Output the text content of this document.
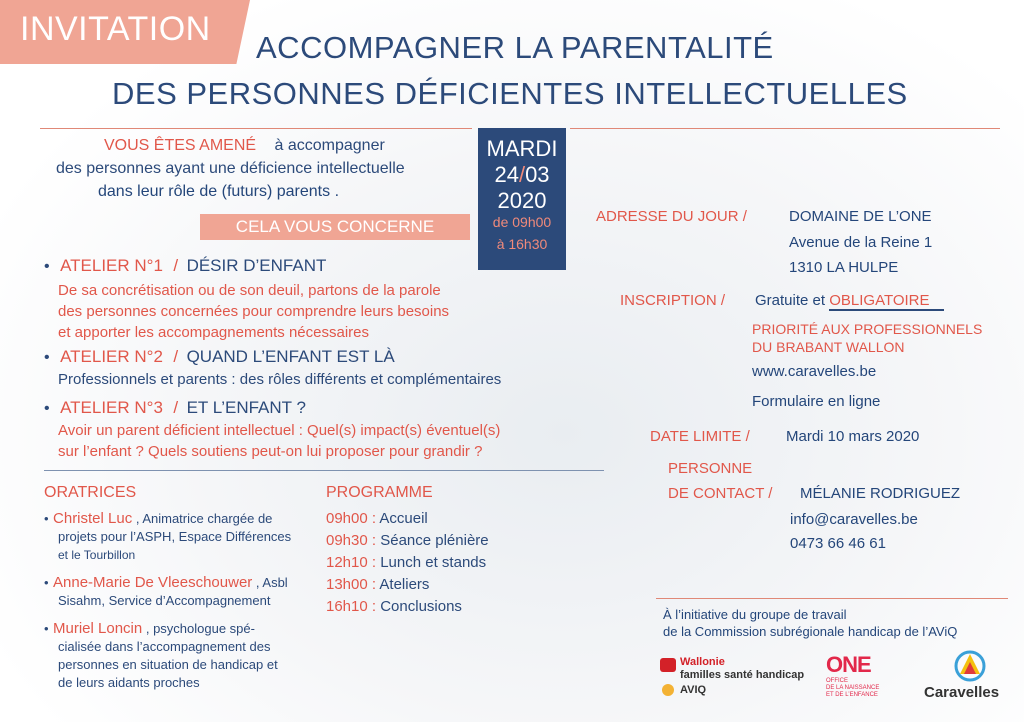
INVITATION ACCOMPAGNER LA PARENTALITÉ
DES PERSONNES DÉFICIENTES INTELLECTUELLES
VOUS ÊTES AMENÉ à accompagner
des personnes ayant une déficience intellectuelle
dans leur rôle de (futurs) parents .
CELA VOUS CONCERNE
MARDI
24/03
2020
de 09h00
à 16h30
• ATELIER N°1 / DÉSIR D’ENFANT
De sa concrétisation ou de son deuil, partons de la parole
des personnes concernées pour comprendre leurs besoins
et apporter les accompagnements nécessaires
• ATELIER N°2 / QUAND L’ENFANT EST LÀ
Professionnels et parents : des rôles différents et complémentaires
• ATELIER N°3 / ET L’ENFANT ?
Avoir un parent déficient intellectuel : Quel(s) impact(s) éventuel(s)
sur l’enfant ? Quels soutiens peut-on lui proposer pour grandir ?
ORATRICES
• Christel Luc , Animatrice chargée de
projets pour l’ASPH, Espace Différences
et le Tourbillon
• Anne-Marie De Vleeschouwer , Asbl
Sisahm, Service d’Accompagnement
• Muriel Loncin , psychologue spé-
cialisée dans l’accompagnement des
personnes en situation de handicap et
de leurs aidants proches
PROGRAMME
09h00 : Accueil
09h30 : Séance plénière
12h10 : Lunch et stands
13h00 : Ateliers
16h10 : Conclusions
ADRESSE DU JOUR /	DOMAINE DE L’ONE
Avenue de la Reine 1
1310 LA HULPE
INSCRIPTION / Gratuite et OBLIGATOIRE
PRIORITÉ AUX PROFESSIONNELS
DU BRABANT WALLON
www.caravelles.be
Formulaire en ligne
DATE LIMITE / Mardi 10 mars 2020
PERSONNE
DE CONTACT / MÉLANIE RODRIGUEZ
info@caravelles.be
0473 66 46 61
À l’initiative du groupe de travail
de la Commission subrégionale handicap de l’AViQ
Wallonie
familles santé handicap
AVIQ
ONE
OFFICE
DE LA NAISSANCE
ET DE L’ENFANCE	Caravelles
